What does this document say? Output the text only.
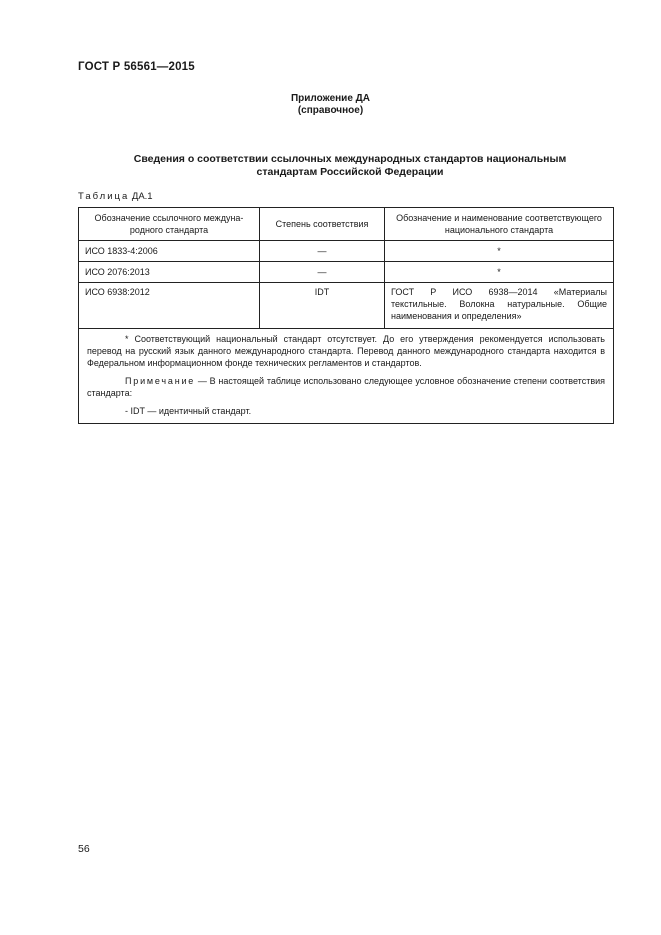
ГОСТ Р 56561—2015
Приложение ДА
(справочное)
Сведения о соответствии ссылочных международных стандартов национальным
стандартам Российской Федерации
Таблица ДА.1
Обозначение ссылочного междуна-родного стандарта	Степень соответствия	Обозначение и наименование соответствующего национального стандарта
ИСО 1833-4:2006	—	*
ИСО 2076:2013	—	*
ИСО 6938:2012	IDT	ГОСТ Р ИСО 6938—2014 «Материалы текстильные. Волокна натуральные. Общие наименования и определения»

* Соответствующий национальный стандарт отсутствует. До его утверждения рекомендуется использовать перевод на русский язык данного международного стандарта. Перевод данного международного стандарта находится в Федеральном информационном фонде технических регламентов и стандартов.

Примечание — В настоящей таблице использовано следующее условное обозначение степени соответствия стандарта:

- IDT — идентичный стандарт.		

56
